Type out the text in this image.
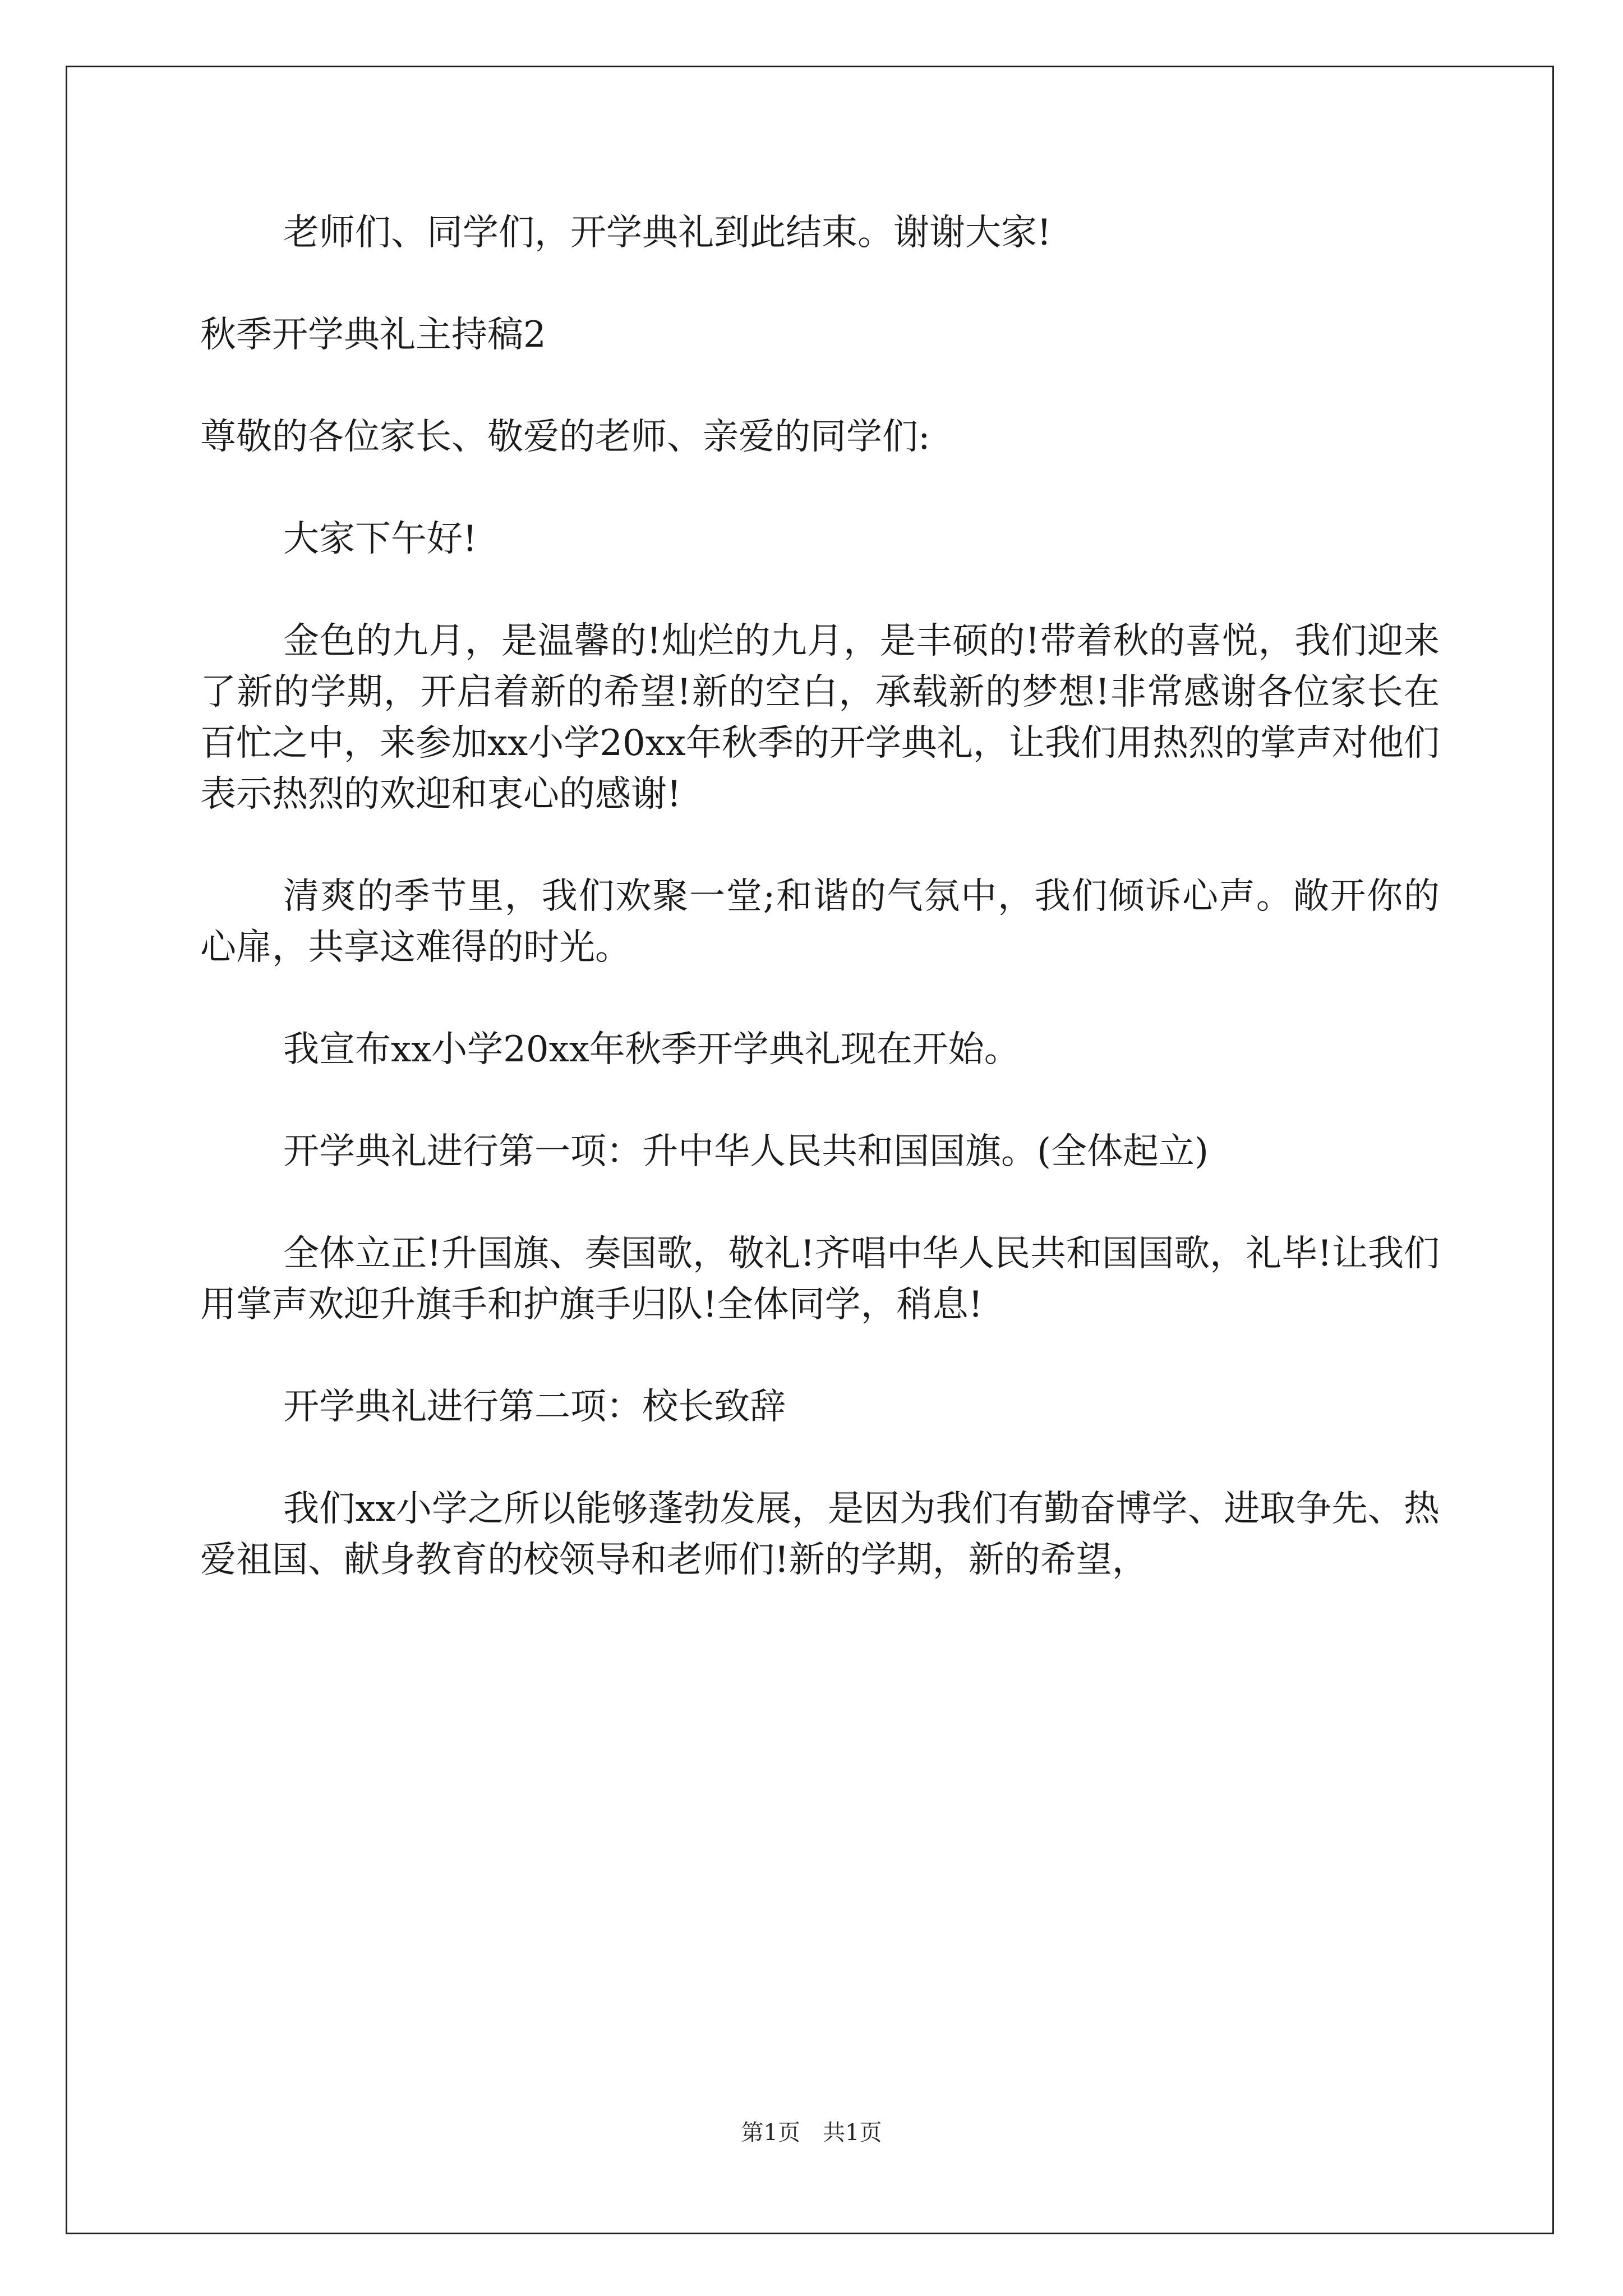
老师们、同学们，开学典礼到此结束。谢谢大家!

秋季开学典礼主持稿2

尊敬的各位家长、敬爱的老师、亲爱的同学们:

大家下午好!

金色的九月，是温馨的!灿烂的九月，是丰硕的!带着秋的喜悦，我们迎来了新的学期，开启着新的希望!新的空白，承载新的梦想!非常感谢各位家长在百忙之中，来参加xx小学20xx年秋季的开学典礼，让我们用热烈的掌声对他们表示热烈的欢迎和衷心的感谢!

清爽的季节里，我们欢聚一堂;和谐的气氛中，我们倾诉心声。敞开你的心扉，共享这难得的时光。

我宣布xx小学20xx年秋季开学典礼现在开始。

开学典礼进行第一项：升中华人民共和国国旗。(全体起立)

全体立正!升国旗、奏国歌，敬礼!齐唱中华人民共和国国歌，礼毕!让我们用掌声欢迎升旗手和护旗手归队!全体同学，稍息!

开学典礼进行第二项：校长致辞

我们xx小学之所以能够蓬勃发展，是因为我们有勤奋博学、进取争先、热爱祖国、献身教育的校领导和老师们!新的学期，新的希望，

第1页　共1页
